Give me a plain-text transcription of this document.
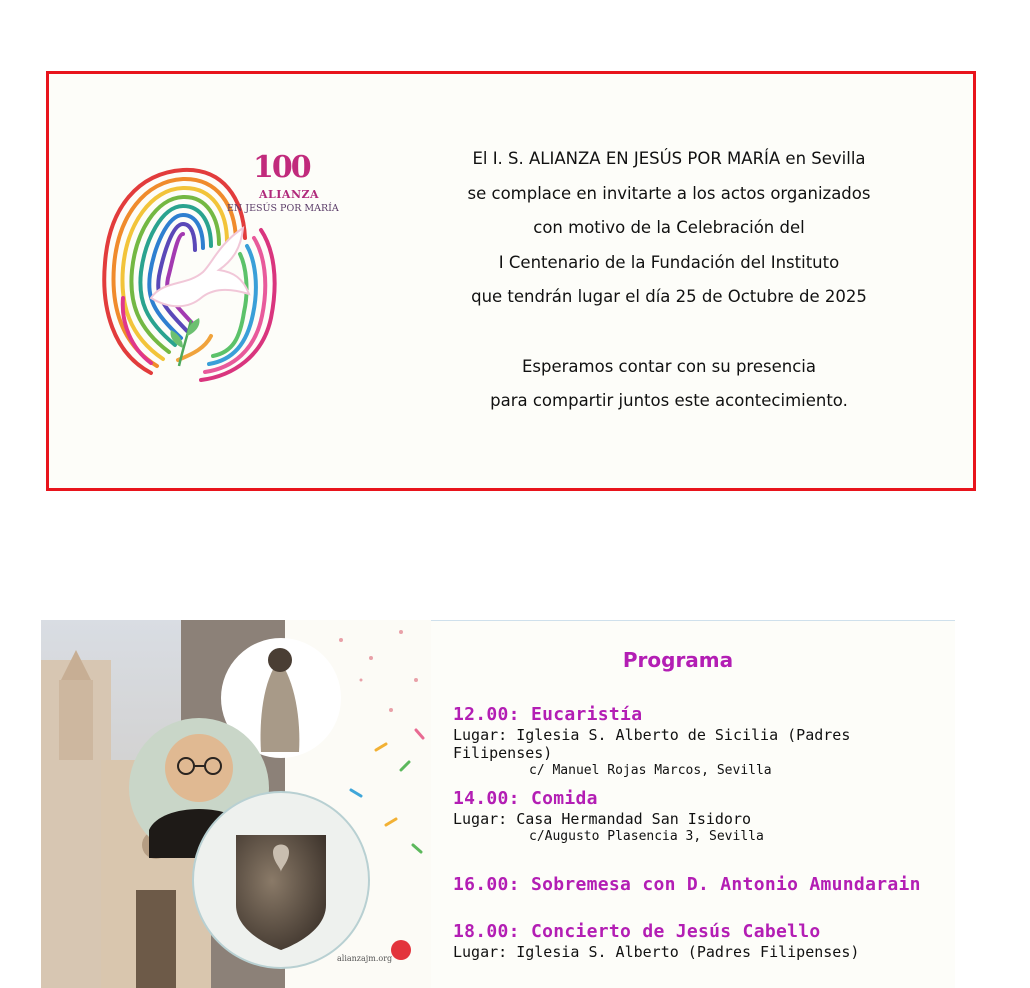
100
ALIANZA
EN JESÚS POR MARÍA
El I. S. ALIANZA EN JESÚS POR MARÍA en Sevilla
se complace en invitarte a los actos organizados
con motivo de la Celebración del
I Centenario de la Fundación del Instituto
que tendrán lugar el día 25 de Octubre de 2025
Esperamos contar con su presencia
para compartir juntos este acontecimiento.
alianzajm.org
Programa
12.00: Eucaristía
Lugar: Iglesia S. Alberto de Sicilia (Padres Filipenses)
c/ Manuel Rojas Marcos, Sevilla
14.00: Comida
Lugar: Casa Hermandad San Isidoro
c/Augusto Plasencia 3, Sevilla
16.00: Sobremesa con D. Antonio Amundarain
18.00: Concierto de Jesús Cabello
Lugar: Iglesia S. Alberto (Padres Filipenses)
